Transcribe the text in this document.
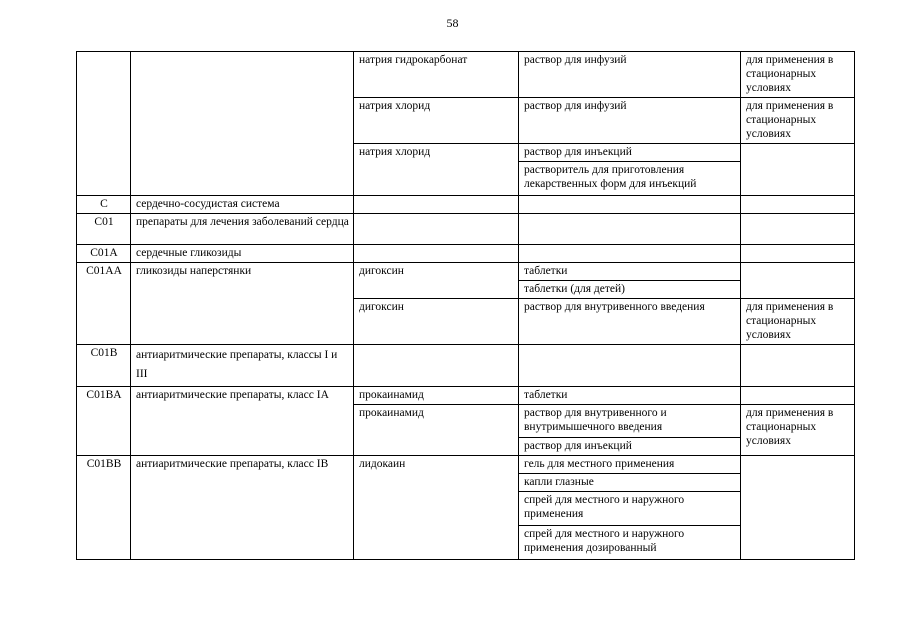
58
		натрия гидрокарбонат	раствор для инфузий	для применения в стационарных условиях
		натрия хлорид	раствор для инфузий	для применения в стационарных условиях
		натрия хлорид	раствор для инъекций	
			растворитель для приготовления лекарственных форм для инъекций	
C	сердечно-сосудистая система			
C01	препараты для лечения заболеваний сердца			
C01A	сердечные гликозиды			
C01AA	гликозиды наперстянки	дигоксин	таблетки	
			таблетки (для детей)	
		дигоксин	раствор для внутривенного введения	для применения в стационарных условиях
C01B	антиаритмические препараты, классы I и III			
C01BA	антиаритмические препараты, класс IA	прокаинамид	таблетки	
		прокаинамид	раствор для внутривенного и внутримышечного введения	для применения в стационарных условиях
			раствор для инъекций	
C01BB	антиаритмические препараты, класс IB	лидокаин	гель для местного применения	
			капли глазные	
			спрей для местного и наружного применения	
			спрей для местного и наружного применения дозированный	
